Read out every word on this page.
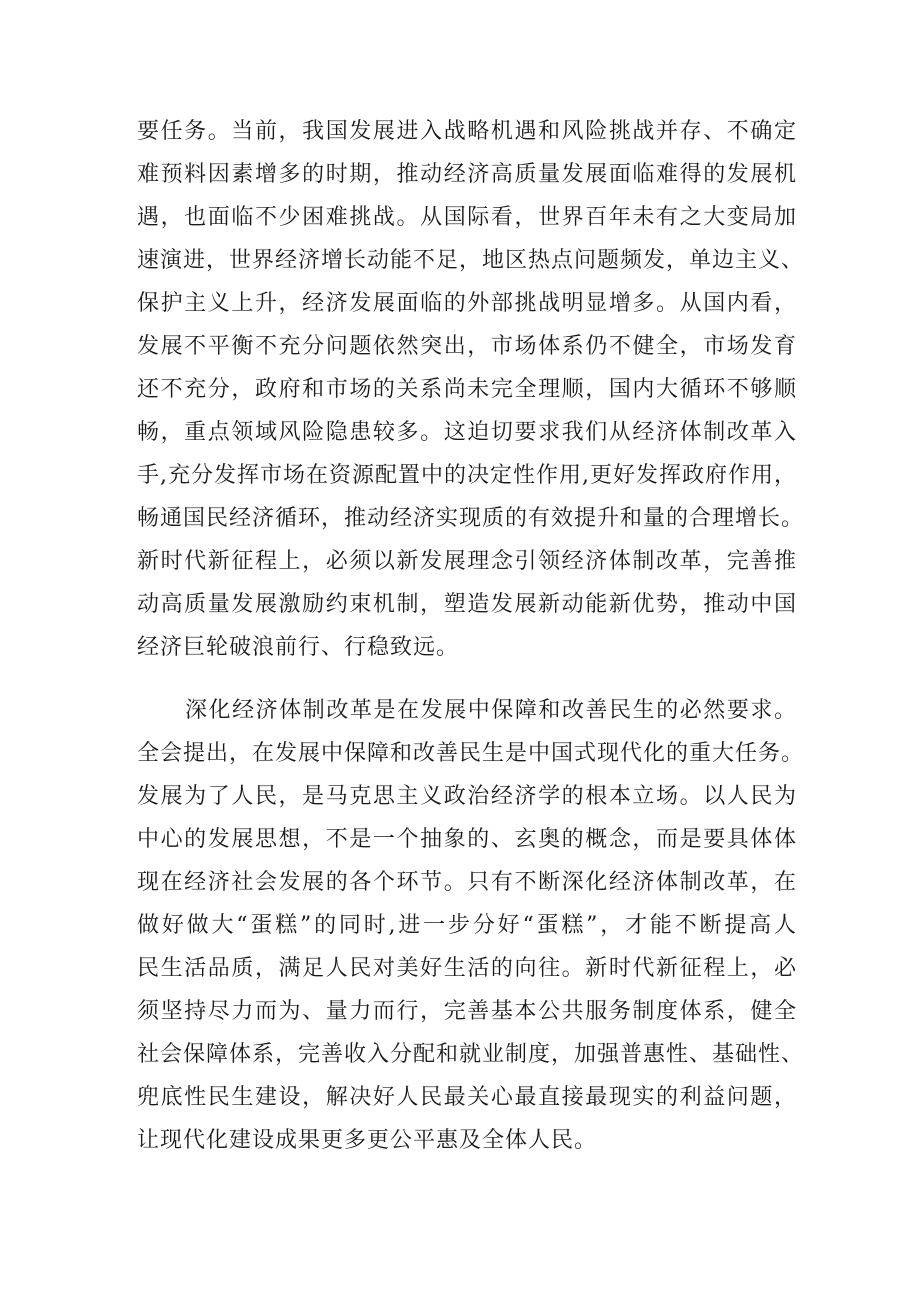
要任务。当前，我国发展进入战略机遇和风险挑战并存、不确定
难预料因素增多的时期，推动经济高质量发展面临难得的发展机
遇，也面临不少困难挑战。从国际看，世界百年未有之大变局加
速演进，世界经济增长动能不足，地区热点问题频发，单边主义、
保护主义上升，经济发展面临的外部挑战明显增多。从国内看，
发展不平衡不充分问题依然突出，市场体系仍不健全，市场发育
还不充分，政府和市场的关系尚未完全理顺，国内大循环不够顺
畅，重点领域风险隐患较多。这迫切要求我们从经济体制改革入
手,充分发挥市场在资源配置中的决定性作用,更好发挥政府作用，
畅通国民经济循环，推动经济实现质的有效提升和量的合理增长。
新时代新征程上，必须以新发展理念引领经济体制改革，完善推
动高质量发展激励约束机制，塑造发展新动能新优势，推动中国
经济巨轮破浪前行、行稳致远。
深化经济体制改革是在发展中保障和改善民生的必然要求。
全会提出，在发展中保障和改善民生是中国式现代化的重大任务。
发展为了人民，是马克思主义政治经济学的根本立场。以人民为
中心的发展思想，不是一个抽象的、玄奥的概念，而是要具体体
现在经济社会发展的各个环节。只有不断深化经济体制改革，在
做好做大“蛋糕”的同时,进一步分好“蛋糕”，才能不断提高人
民生活品质，满足人民对美好生活的向往。新时代新征程上，必
须坚持尽力而为、量力而行，完善基本公共服务制度体系，健全
社会保障体系，完善收入分配和就业制度，加强普惠性、基础性、
兜底性民生建设，解决好人民最关心最直接最现实的利益问题，
让现代化建设成果更多更公平惠及全体人民。
